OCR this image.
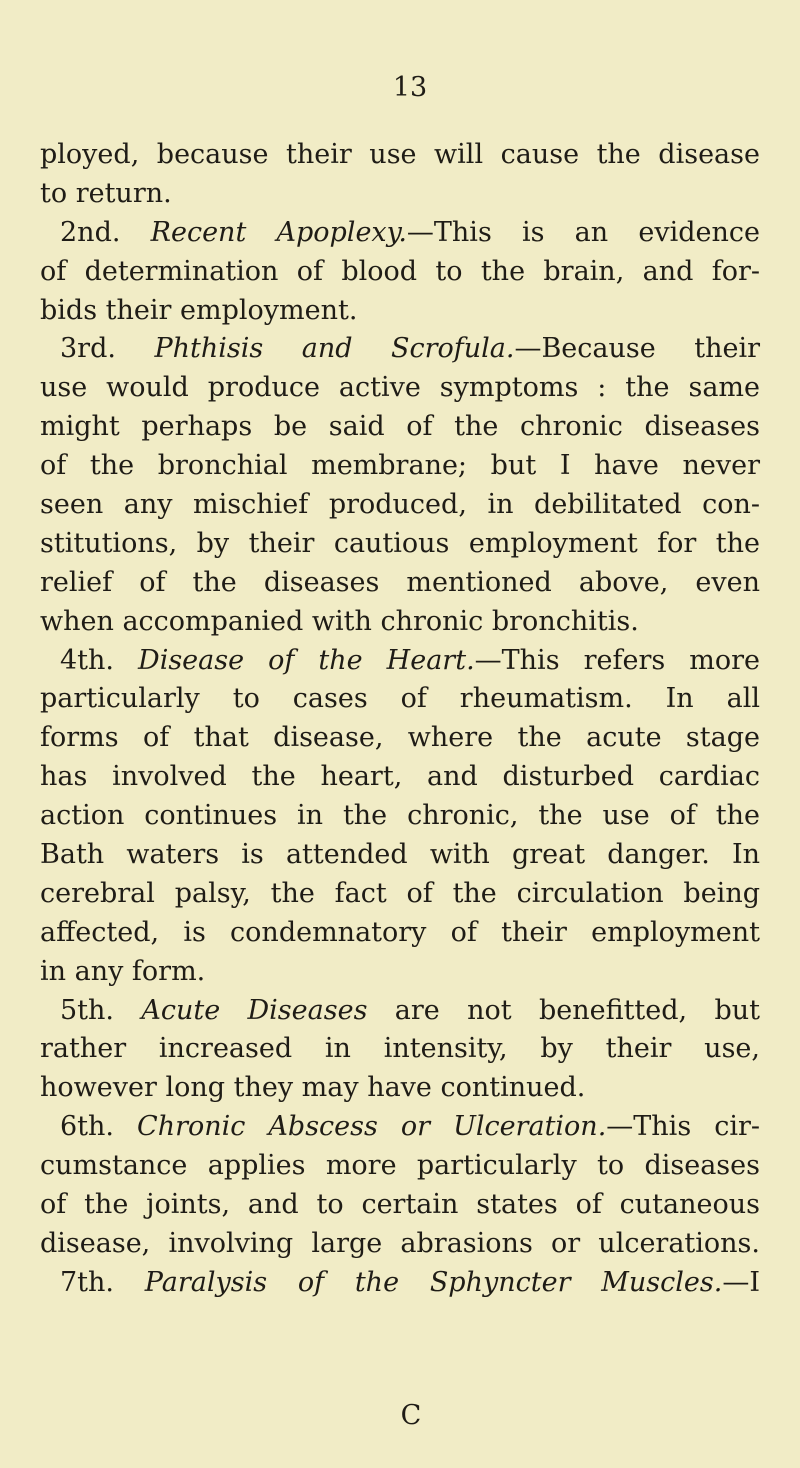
13
ployed, because their use will cause the disease
to return.
2nd. Recent Apoplexy.—This is an evidence
of determination of blood to the brain, and for-
bids their employment.
3rd. Phthisis and Scrofula.—Because their
use would produce active symptoms : the same
might perhaps be said of the chronic diseases
of the bronchial membrane; but I have never
seen any mischief produced, in debilitated con-
stitutions, by their cautious employment for the
relief of the diseases mentioned above, even
when accompanied with chronic bronchitis.
4th. Disease of the Heart.—This refers more
particularly to cases of rheumatism. In all
forms of that disease, where the acute stage
has involved the heart, and disturbed cardiac
action continues in the chronic, the use of the
Bath waters is attended with great danger. In
cerebral palsy, the fact of the circulation being
affected, is condemnatory of their employment
in any form.
5th. Acute Diseases are not benefitted, but
rather increased in intensity, by their use,
however long they may have continued.
6th. Chronic Abscess or Ulceration.—This cir-
cumstance applies more particularly to diseases
of the joints, and to certain states of cutaneous
disease, involving large abrasions or ulcerations.
7th. Paralysis of the Sphyncter Muscles.—I
C
